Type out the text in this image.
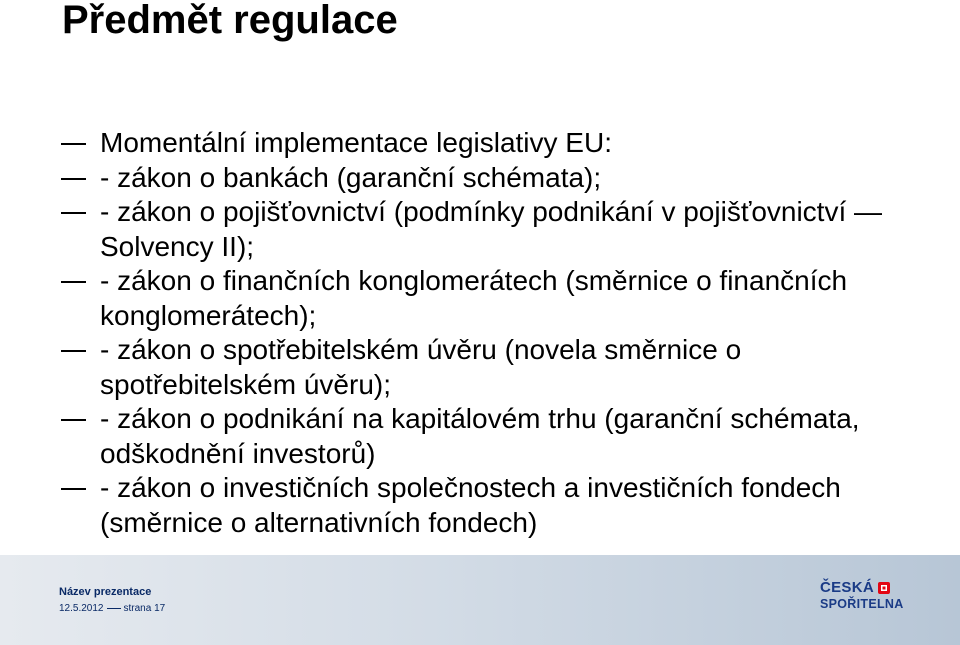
Předmět regulace
Momentální implementace legislativy EU:
- zákon o bankách (garanční schémata);
- zákon o pojišťovnictví (podmínky podnikání v pojišťovnictví — Solvency II);
- zákon o finančních konglomerátech (směrnice o finančních konglomerátech);
- zákon o spotřebitelském úvěru (novela směrnice o spotřebitelském úvěru);
- zákon o podnikání na kapitálovém trhu (garanční schémata, odškodnění investorů)
- zákon o investičních společnostech a investičních fondech (směrnice o alternativních fondech)
Název prezentace
12.5.2012 strana 17
ČESKÁ
SPOŘITELNA
